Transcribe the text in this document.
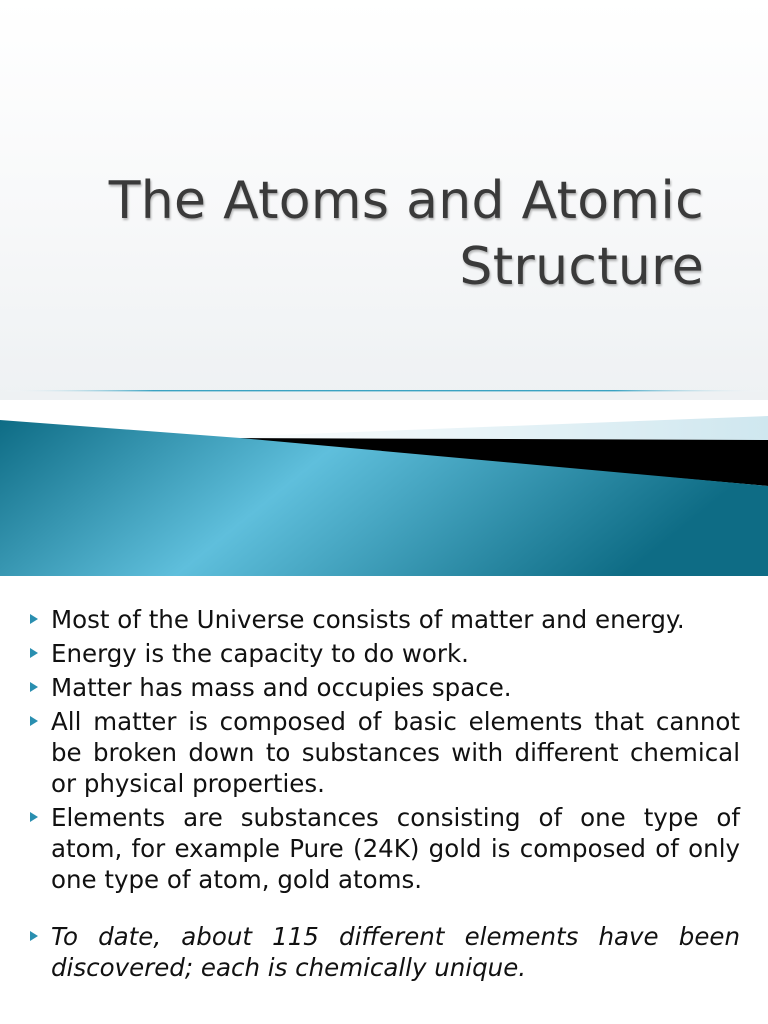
The Atoms and Atomic
Structure
Most of the Universe consists of matter and energy.
Energy is the capacity to do work.
Matter has mass and occupies space.
All matter is composed of basic elements that cannot be broken down to substances with different chemical or physical properties.
Elements are substances consisting of one type of atom, for example Pure (24K) gold is composed of only one type of atom, gold atoms.
To date, about 115 different elements have been discovered; each is chemically unique.
